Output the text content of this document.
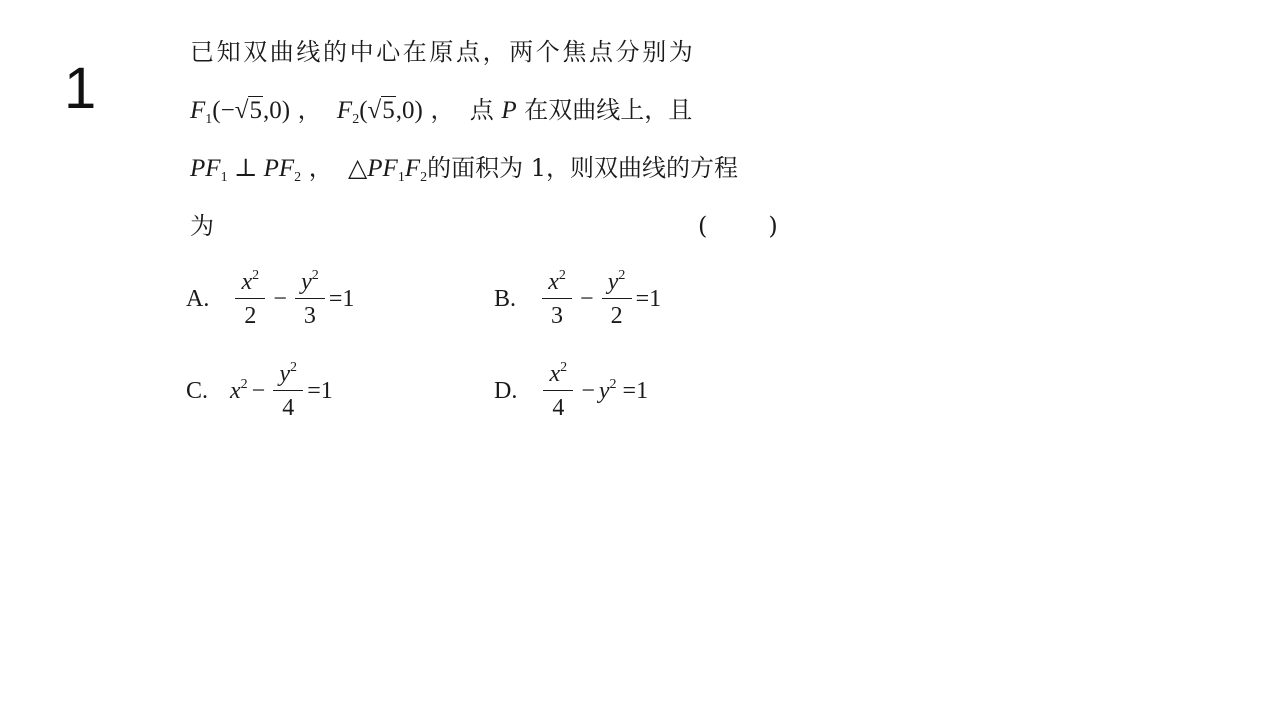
1
已知双曲线的中心在原点，两个焦点分别为
$F_1(-√5,0)$ ，  $F_2(√5,0)$ ，  点 P 在双曲线上，且
$PF_1$ ⊥ $PF_2$ ，  $\triangle PF_1F_2$的面积为 1，则双曲线的方程
为	(        )
A. $\frac{x^2}{2} - \frac{y^2}{3} =1$	B. $\frac{x^2}{3} - \frac{y^2}{2} =1$
C. $x^2 - \frac{y^2}{4} =1$	D. $\frac{x^2}{4} - y^2 =1$
